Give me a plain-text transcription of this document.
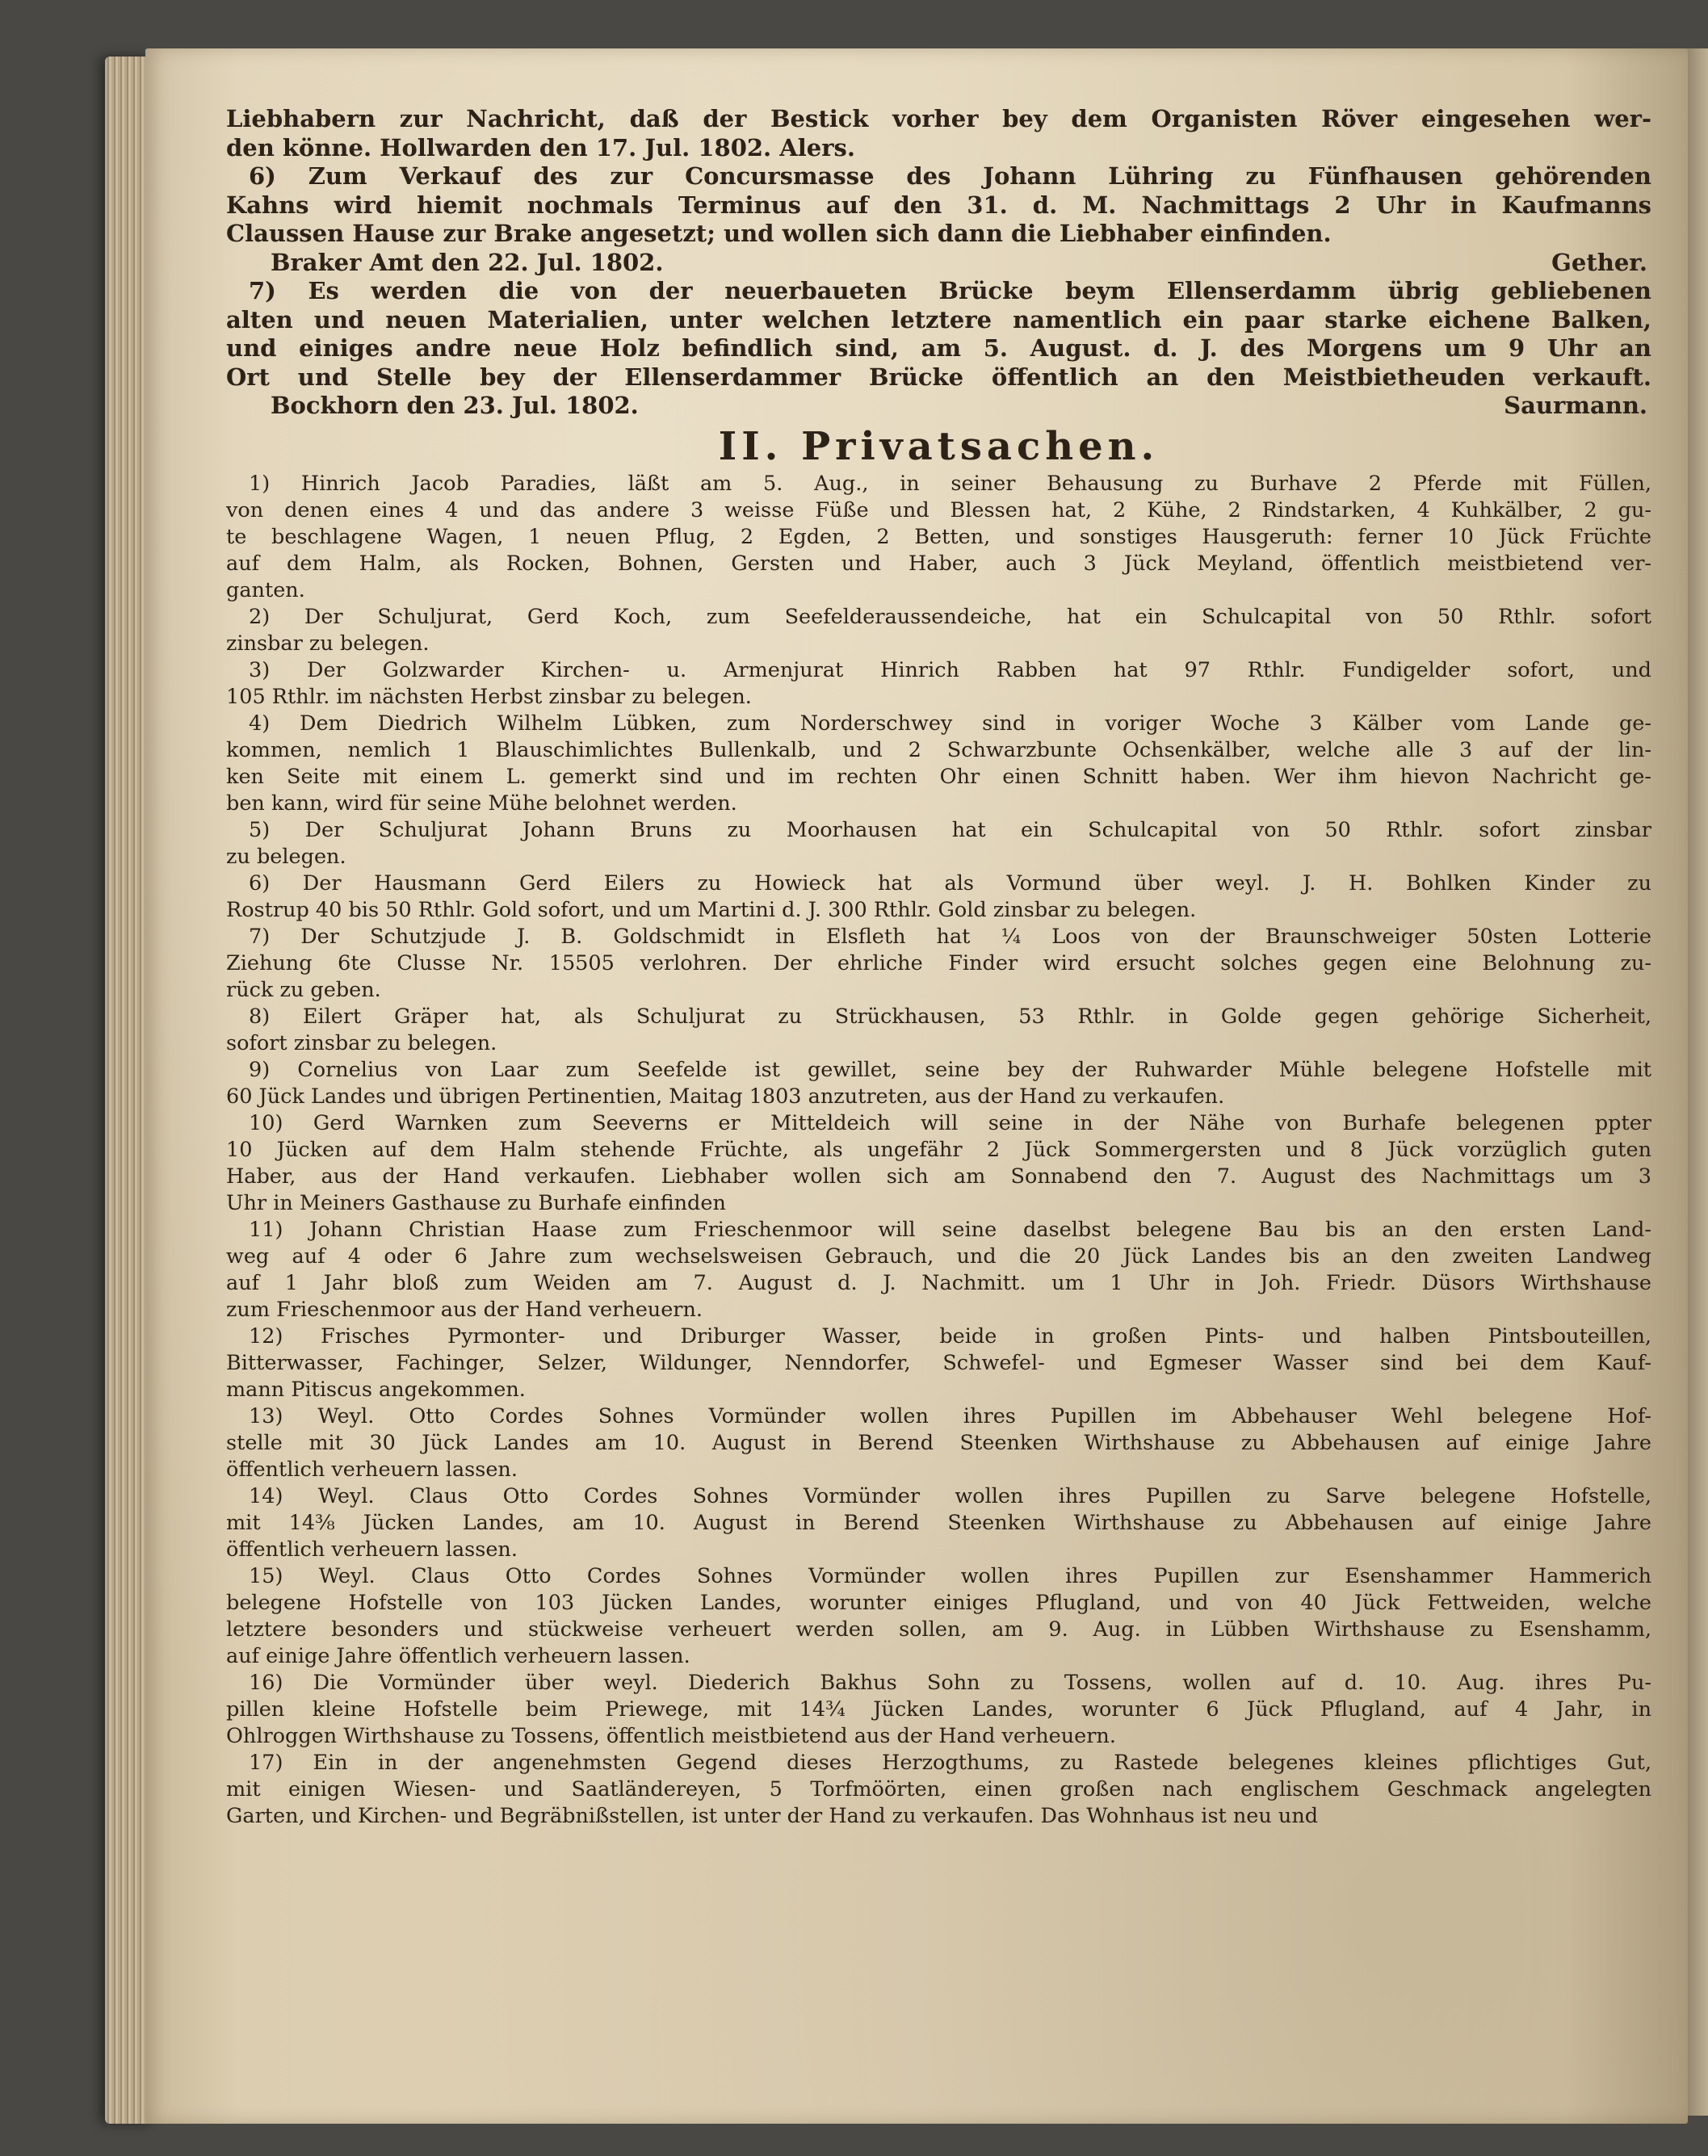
Liebhabern zur Nachricht, daß der Bestick vorher bey dem Organisten Röver eingesehen wer-
den könne. Hollwarden den 17. Jul. 1802. Alers.
6) Zum Verkauf des zur Concursmasse des Johann Lühring zu Fünfhausen gehörenden
Kahns wird hiemit nochmals Terminus auf den 31. d. M. Nachmittags 2 Uhr in Kaufmanns
Claussen Hause zur Brake angesetzt; und wollen sich dann die Liebhaber einfinden.
Braker Amt den 22. Jul. 1802.	Gether.
7) Es werden die von der neuerbaueten Brücke beym Ellenserdamm übrig gebliebenen
alten und neuen Materialien, unter welchen letztere namentlich ein paar starke eichene Balken,
und einiges andre neue Holz befindlich sind, am 5. August. d. J. des Morgens um 9 Uhr an
Ort und Stelle bey der Ellenserdammer Brücke öffentlich an den Meistbietheuden verkauft.
Bockhorn den 23. Jul. 1802.	Saurmann.
II. Privatsachen.
1) Hinrich Jacob Paradies, läßt am 5. Aug., in seiner Behausung zu Burhave 2 Pferde mit Füllen,
von denen eines 4 und das andere 3 weisse Füße und Blessen hat, 2 Kühe, 2 Rindstarken, 4 Kuhkälber, 2 gu-
te beschlagene Wagen, 1 neuen Pflug, 2 Egden, 2 Betten, und sonstiges Hausgeruth: ferner 10 Jück Früchte
auf dem Halm, als Rocken, Bohnen, Gersten und Haber, auch 3 Jück Meyland, öffentlich meistbietend ver-
ganten.
2) Der Schuljurat, Gerd Koch, zum Seefelderaussendeiche, hat ein Schulcapital von 50 Rthlr. sofort
zinsbar zu belegen.
3) Der Golzwarder Kirchen- u. Armenjurat Hinrich Rabben hat 97 Rthlr. Fundigelder sofort, und
105 Rthlr. im nächsten Herbst zinsbar zu belegen.
4) Dem Diedrich Wilhelm Lübken, zum Norderschwey sind in voriger Woche 3 Kälber vom Lande ge-
kommen, nemlich 1 Blauschimlichtes Bullenkalb, und 2 Schwarzbunte Ochsenkälber, welche alle 3 auf der lin-
ken Seite mit einem L. gemerkt sind und im rechten Ohr einen Schnitt haben. Wer ihm hievon Nachricht ge-
ben kann, wird für seine Mühe belohnet werden.
5) Der Schuljurat Johann Bruns zu Moorhausen hat ein Schulcapital von 50 Rthlr. sofort zinsbar
zu belegen.
6) Der Hausmann Gerd Eilers zu Howieck hat als Vormund über weyl. J. H. Bohlken Kinder zu
Rostrup 40 bis 50 Rthlr. Gold sofort, und um Martini d. J. 300 Rthlr. Gold zinsbar zu belegen.
7) Der Schutzjude J. B. Goldschmidt in Elsfleth hat ¼ Loos von der Braunschweiger 50sten Lotterie
Ziehung 6te Clusse Nr. 15505 verlohren. Der ehrliche Finder wird ersucht solches gegen eine Belohnung zu-
rück zu geben.
8) Eilert Gräper hat, als Schuljurat zu Strückhausen, 53 Rthlr. in Golde gegen gehörige Sicherheit,
sofort zinsbar zu belegen.
9) Cornelius von Laar zum Seefelde ist gewillet, seine bey der Ruhwarder Mühle belegene Hofstelle mit
60 Jück Landes und übrigen Pertinentien, Maitag 1803 anzutreten, aus der Hand zu verkaufen.
10) Gerd Warnken zum Seeverns er Mitteldeich will seine in der Nähe von Burhafe belegenen ppter
10 Jücken auf dem Halm stehende Früchte, als ungefähr 2 Jück Sommergersten und 8 Jück vorzüglich guten
Haber, aus der Hand verkaufen. Liebhaber wollen sich am Sonnabend den 7. August des Nachmittags um 3
Uhr in Meiners Gasthause zu Burhafe einfinden
11) Johann Christian Haase zum Frieschenmoor will seine daselbst belegene Bau bis an den ersten Land-
weg auf 4 oder 6 Jahre zum wechselsweisen Gebrauch, und die 20 Jück Landes bis an den zweiten Landweg
auf 1 Jahr bloß zum Weiden am 7. August d. J. Nachmitt. um 1 Uhr in Joh. Friedr. Düsors Wirthshause
zum Frieschenmoor aus der Hand verheuern.
12) Frisches Pyrmonter- und Driburger Wasser, beide in großen Pints- und halben Pintsbouteillen,
Bitterwasser, Fachinger, Selzer, Wildunger, Nenndorfer, Schwefel- und Egmeser Wasser sind bei dem Kauf-
mann Pitiscus angekommen.
13) Weyl. Otto Cordes Sohnes Vormünder wollen ihres Pupillen im Abbehauser Wehl belegene Hof-
stelle mit 30 Jück Landes am 10. August in Berend Steenken Wirthshause zu Abbehausen auf einige Jahre
öffentlich verheuern lassen.
14) Weyl. Claus Otto Cordes Sohnes Vormünder wollen ihres Pupillen zu Sarve belegene Hofstelle,
mit 14⅜ Jücken Landes, am 10. August in Berend Steenken Wirthshause zu Abbehausen auf einige Jahre
öffentlich verheuern lassen.
15) Weyl. Claus Otto Cordes Sohnes Vormünder wollen ihres Pupillen zur Esenshammer Hammerich
belegene Hofstelle von 103 Jücken Landes, worunter einiges Pflugland, und von 40 Jück Fettweiden, welche
letztere besonders und stückweise verheuert werden sollen, am 9. Aug. in Lübben Wirthshause zu Esenshamm,
auf einige Jahre öffentlich verheuern lassen.
16) Die Vormünder über weyl. Diederich Bakhus Sohn zu Tossens, wollen auf d. 10. Aug. ihres Pu-
pillen kleine Hofstelle beim Priewege, mit 14¾ Jücken Landes, worunter 6 Jück Pflugland, auf 4 Jahr, in
Ohlroggen Wirthshause zu Tossens, öffentlich meistbietend aus der Hand verheuern.
17) Ein in der angenehmsten Gegend dieses Herzogthums, zu Rastede belegenes kleines pflichtiges Gut,
mit einigen Wiesen- und Saatländereyen, 5 Torfmöörten, einen großen nach englischem Geschmack angelegten
Garten, und Kirchen- und Begräbnißstellen, ist unter der Hand zu verkaufen. Das Wohnhaus ist neu und
